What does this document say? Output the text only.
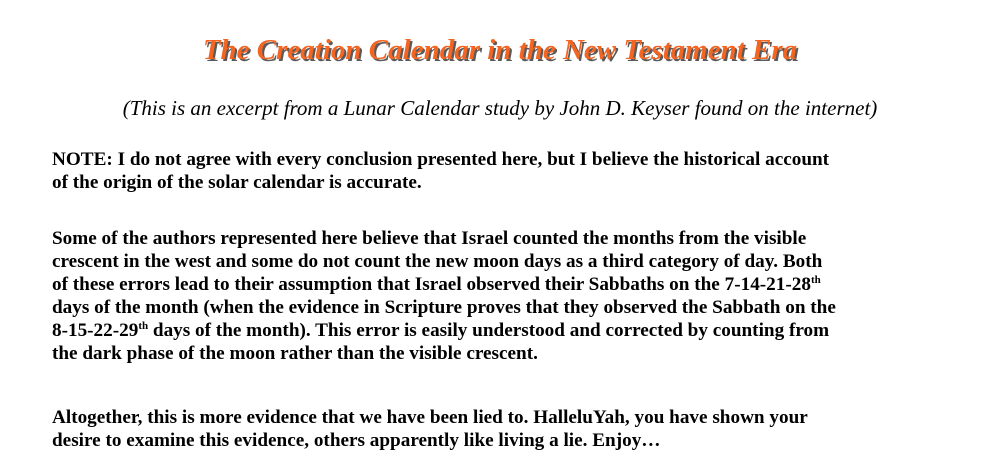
The Creation Calendar in the New Testament Era
(This is an excerpt from a Lunar Calendar study by John D. Keyser found on the internet)
NOTE: I do not agree with every conclusion presented here, but I believe the historical account
of the origin of the solar calendar is accurate.
Some of the authors represented here believe that Israel counted the months from the visible
crescent in the west and some do not count the new moon days as a third category of day. Both
of these errors lead to their assumption that Israel observed their Sabbaths on the 7-14-21-28th
days of the month (when the evidence in Scripture proves that they observed the Sabbath on the
8-15-22-29th days of the month). This error is easily understood and corrected by counting from
the dark phase of the moon rather than the visible crescent.
Altogether, this is more evidence that we have been lied to. HalleluYah, you have shown your
desire to examine this evidence, others apparently like living a lie. Enjoy…
